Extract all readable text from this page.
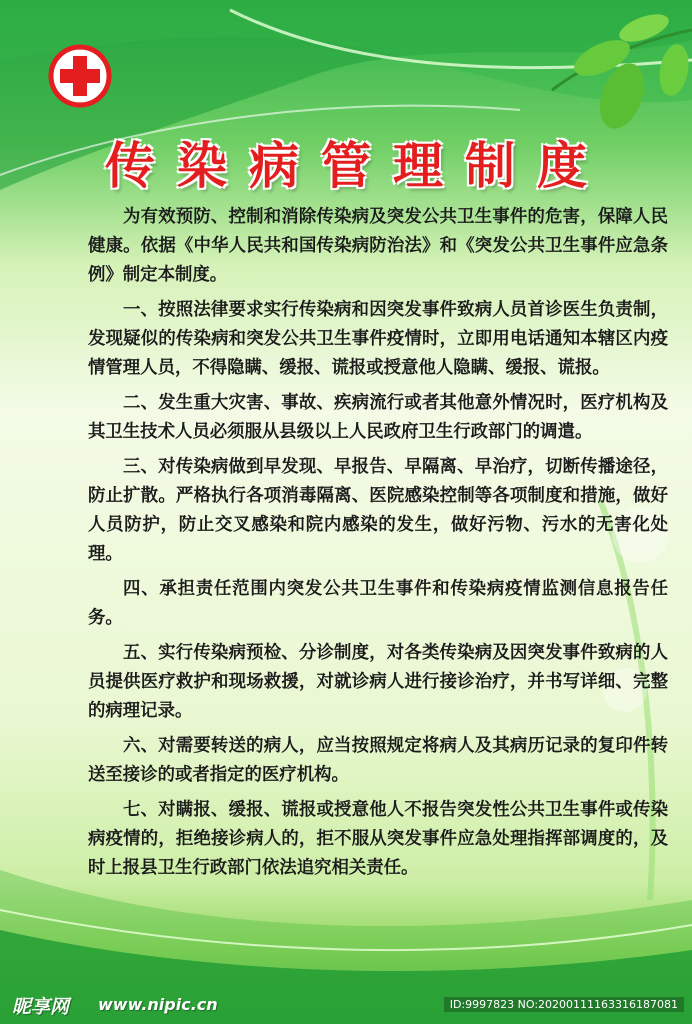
传染病管理制度

为有效预防、控制和消除传染病及突发公共卫生事件的危害，保障人民健康。依据《中华人民共和国传染病防治法》和《突发公共卫生事件应急条例》制定本制度。

一、按照法律要求实行传染病和因突发事件致病人员首诊医生负责制，发现疑似的传染病和突发公共卫生事件疫情时，立即用电话通知本辖区内疫情管理人员，不得隐瞒、缓报、谎报或授意他人隐瞒、缓报、谎报。

二、发生重大灾害、事故、疾病流行或者其他意外情况时，医疗机构及其卫生技术人员必须服从县级以上人民政府卫生行政部门的调遣。

三、对传染病做到早发现、早报告、早隔离、早治疗，切断传播途径，防止扩散。严格执行各项消毒隔离、医院感染控制等各项制度和措施，做好人员防护，防止交叉感染和院内感染的发生，做好污物、污水的无害化处理。

四、承担责任范围内突发公共卫生事件和传染病疫情监测信息报告任务。

五、实行传染病预检、分诊制度，对各类传染病及因突发事件致病的人员提供医疗救护和现场救援，对就诊病人进行接诊治疗，并书写详细、完整的病理记录。

六、对需要转送的病人，应当按照规定将病人及其病历记录的复印件转送至接诊的或者指定的医疗机构。

七、对瞒报、缓报、谎报或授意他人不报告突发性公共卫生事件或传染病疫情的，拒绝接诊病人的，拒不服从突发事件应急处理指挥部调度的，及时上报县卫生行政部门依法追究相关责任。

昵享网 www.nipic.cn	ID:9997823 NO:20200111163316187081
